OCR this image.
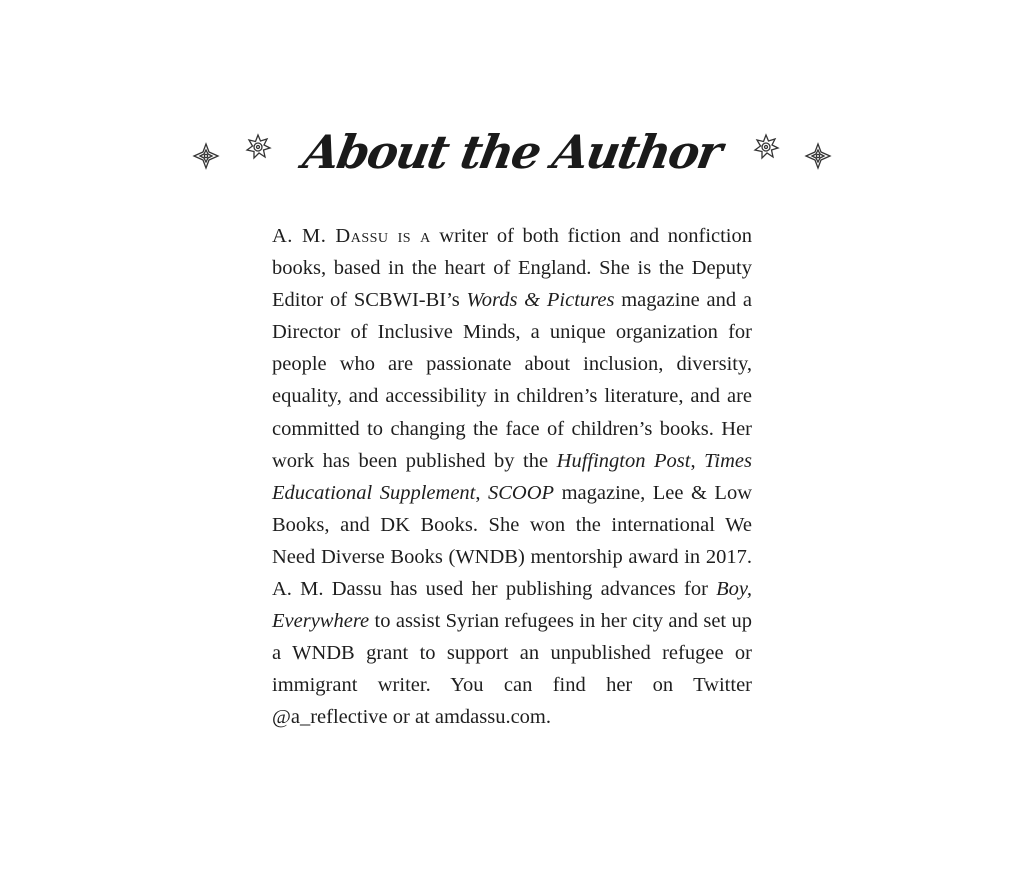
About the Author

A. M. Dassu is a writer of both fiction and nonfiction books, based in the heart of England. She is the Deputy Editor of SCBWI-BI’s Words & Pictures magazine and a Director of Inclusive Minds, a unique organization for people who are passionate about inclusion, diversity, equality, and accessibility in children’s literature, and are committed to changing the face of children’s books. Her work has been published by the Huffington Post, Times Educational Supplement, SCOOP magazine, Lee & Low Books, and DK Books. She won the international We Need Diverse Books (WNDB) mentorship award in 2017. A. M. Dassu has used her publishing advances for Boy, Everywhere to assist Syrian refugees in her city and set up a WNDB grant to support an unpublished refugee or immigrant writer. You can find her on Twitter @a_reflective or at amdassu.com.
